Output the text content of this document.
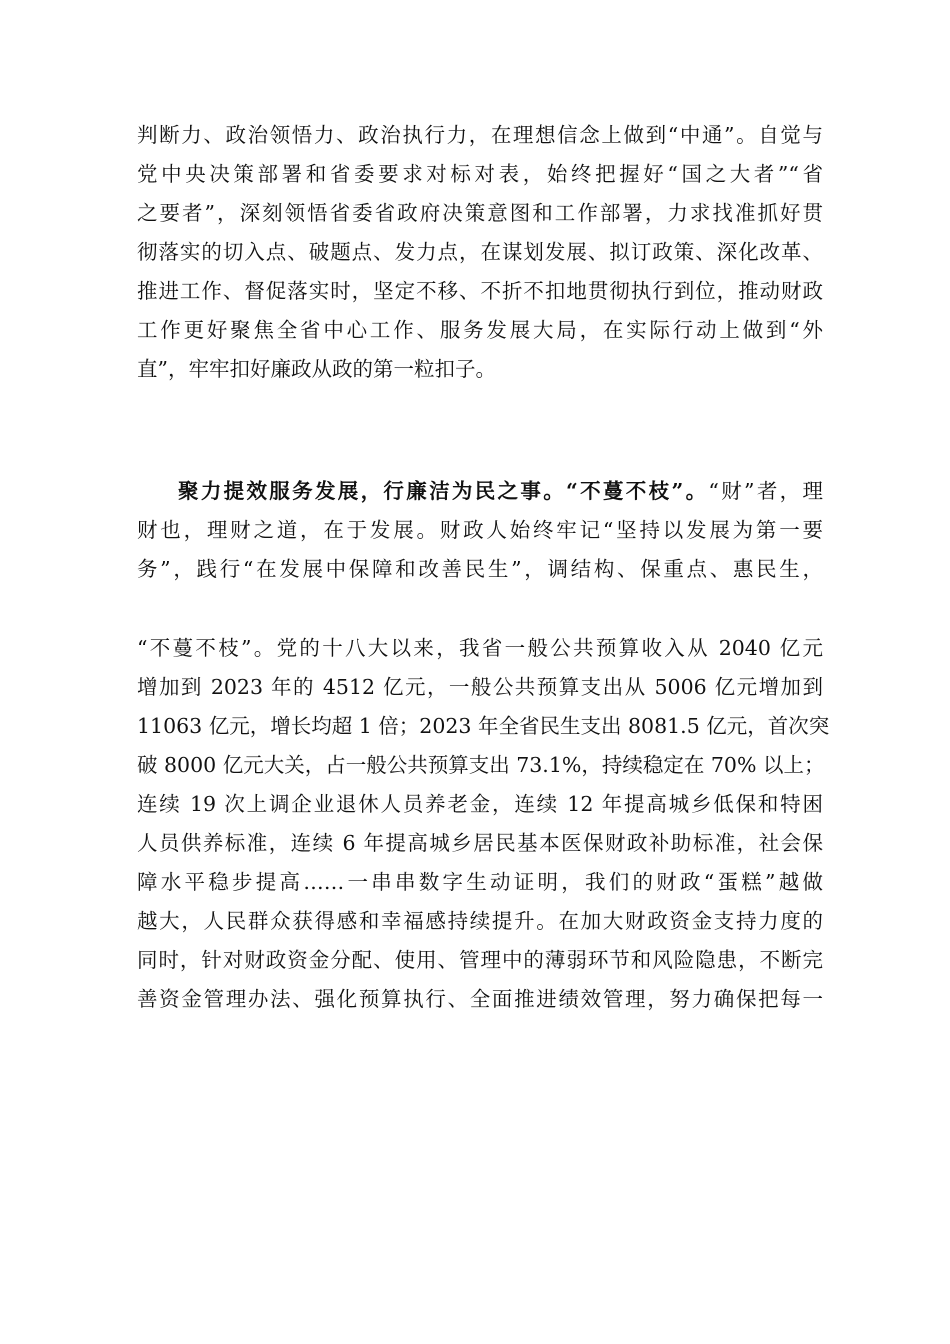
判断力、政治领悟力、政治执行力，在理想信念上做到“中通”。自觉与
党中央决策部署和省委要求对标对表，始终把握好“国之大者”“省
之要者”，深刻领悟省委省政府决策意图和工作部署，力求找准抓好贯
彻落实的切入点、破题点、发力点，在谋划发展、拟订政策、深化改革、
推进工作、督促落实时，坚定不移、不折不扣地贯彻执行到位，推动财政
工作更好聚焦全省中心工作、服务发展大局，在实际行动上做到“外
直”，牢牢扣好廉政从政的第一粒扣子。
聚力提效服务发展，行廉洁为民之事。“不蔓不枝”。“财”者，理
财也，理财之道，在于发展。财政人始终牢记“坚持以发展为第一要
务”，践行“在发展中保障和改善民生”，调结构、保重点、惠民生，
“不蔓不枝”。党的十八大以来，我省一般公共预算收入从 2040 亿元
增加到 2023 年的 4512 亿元，一般公共预算支出从 5006 亿元增加到
11063 亿元，增长均超 1 倍；2023 年全省民生支出 8081.5 亿元，首次突
破 8000 亿元大关，占一般公共预算支出 73.1%，持续稳定在 70% 以上；
连续 19 次上调企业退休人员养老金，连续 12 年提高城乡低保和特困
人员供养标准，连续 6 年提高城乡居民基本医保财政补助标准，社会保
障水平稳步提高……一串串数字生动证明，我们的财政“蛋糕”越做
越大，人民群众获得感和幸福感持续提升。在加大财政资金支持力度的
同时，针对财政资金分配、使用、管理中的薄弱环节和风险隐患，不断完
善资金管理办法、强化预算执行、全面推进绩效管理，努力确保把每一
